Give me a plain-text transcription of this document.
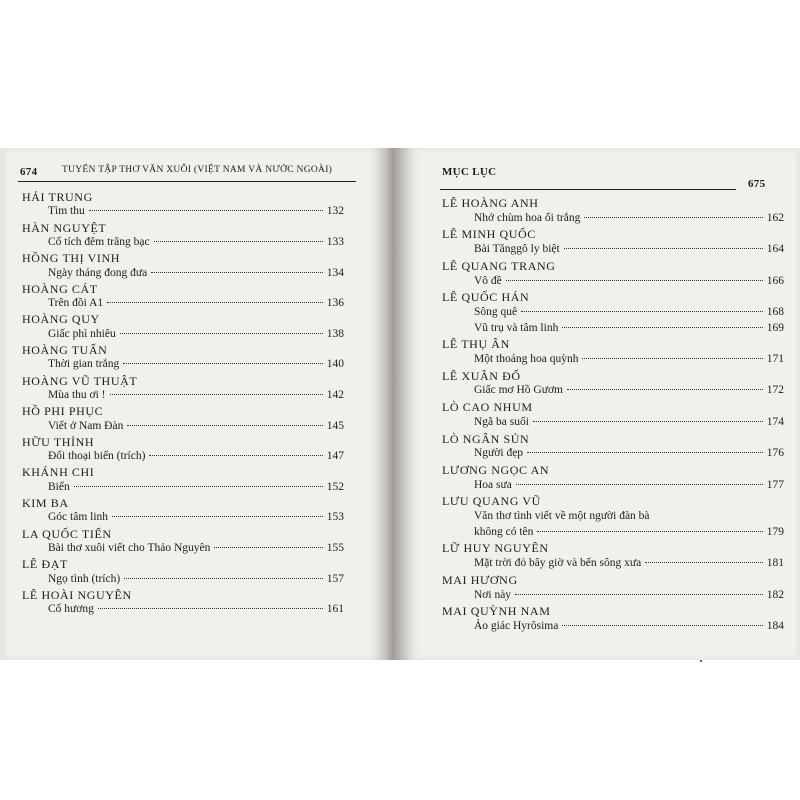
674	TUYỂN TẬP THƠ VĂN XUÔI (VIỆT NAM VÀ NƯỚC NGOÀI)
HẢI TRUNG
Tìm thu	132
HÀN NGUYỆT
Cổ tích đêm trăng bạc	133
HỒNG THỊ VINH
Ngày tháng đong đưa	134
HOÀNG CÁT
Trên đồi A1	136
HOÀNG QUY
Giấc phì nhiêu	138
HOÀNG TUẤN
Thời gian trắng	140
HOÀNG VŨ THUẬT
Mùa thu ơi !	142
HỒ PHI PHỤC
Viết ở Nam Đàn	145
HỮU THỈNH
Đối thoại biển (trích)	147
KHÁNH CHI
Biển	152
KIM BA
Góc tâm linh	153
LA QUỐC TIẾN
Bài thơ xuôi viết cho Thảo Nguyên	155
LÊ ĐẠT
Ngọ tình (trích)	157
LÊ HOÀI NGUYÊN
Cố hương	161
MỤC LỤC
675
LÊ HOÀNG ANH
Nhớ chùm hoa ổi trắng	162
LÊ MINH QUỐC
Bài Tănggô ly biệt	164
LÊ QUANG TRANG
Vô đề	166
LÊ QUỐC HÁN
Sông quê	168
Vũ trụ và tâm linh	169
LÊ THỤ ÂN
Một thoáng hoa quỳnh	171
LÊ XUÂN ĐỐ
Giấc mơ Hồ Gươm	172
LÒ CAO NHUM
Ngã ba suối	174
LÒ NGÂN SỦN
Người đẹp	176
LƯƠNG NGỌC AN
Hoa sưa	177
LƯU QUANG VŨ
Văn thơ tình viết về một người đàn bà
không có tên	179
LỮ HUY NGUYÊN
Mặt trời đỏ bây giờ và bến sông xưa	181
MAI HƯƠNG
Nơi này	182
MAI QUỲNH NAM
Ảo giác Hyrôsima	184
